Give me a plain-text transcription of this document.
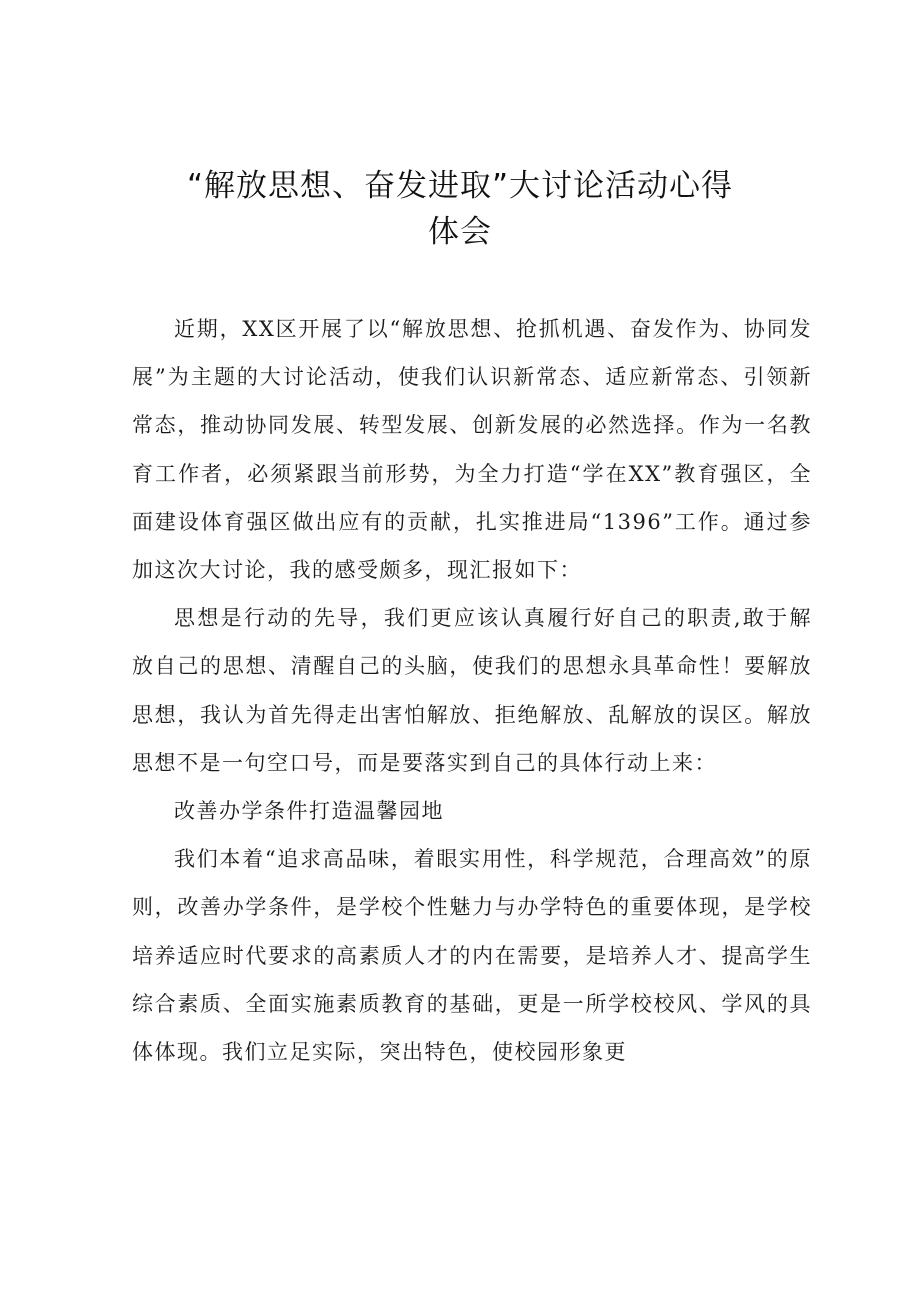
“解放思想、奋发进取”大讨论活动心得
体会

近期，XX区开展了以“解放思想、抢抓机遇、奋发作为、协同发展”为主题的大讨论活动，使我们认识新常态、适应新常态、引领新常态，推动协同发展、转型发展、创新发展的必然选择。作为一名教育工作者，必须紧跟当前形势，为全力打造“学在XX”教育强区，全面建设体育强区做出应有的贡献，扎实推进局“1396”工作。通过参加这次大讨论，我的感受颇多，现汇报如下：

思想是行动的先导，我们更应该认真履行好自己的职责,敢于解放自己的思想、清醒自己的头脑，使我们的思想永具革命性！要解放思想，我认为首先得走出害怕解放、拒绝解放、乱解放的误区。解放思想不是一句空口号，而是要落实到自己的具体行动上来：

改善办学条件打造温馨园地

我们本着“追求高品味，着眼实用性，科学规范，合理高效”的原则，改善办学条件，是学校个性魅力与办学特色的重要体现，是学校培养适应时代要求的高素质人才的内在需要，是培养人才、提高学生综合素质、全面实施素质教育的基础，更是一所学校校风、学风的具体体现。我们立足实际，突出特色，使校园形象更
